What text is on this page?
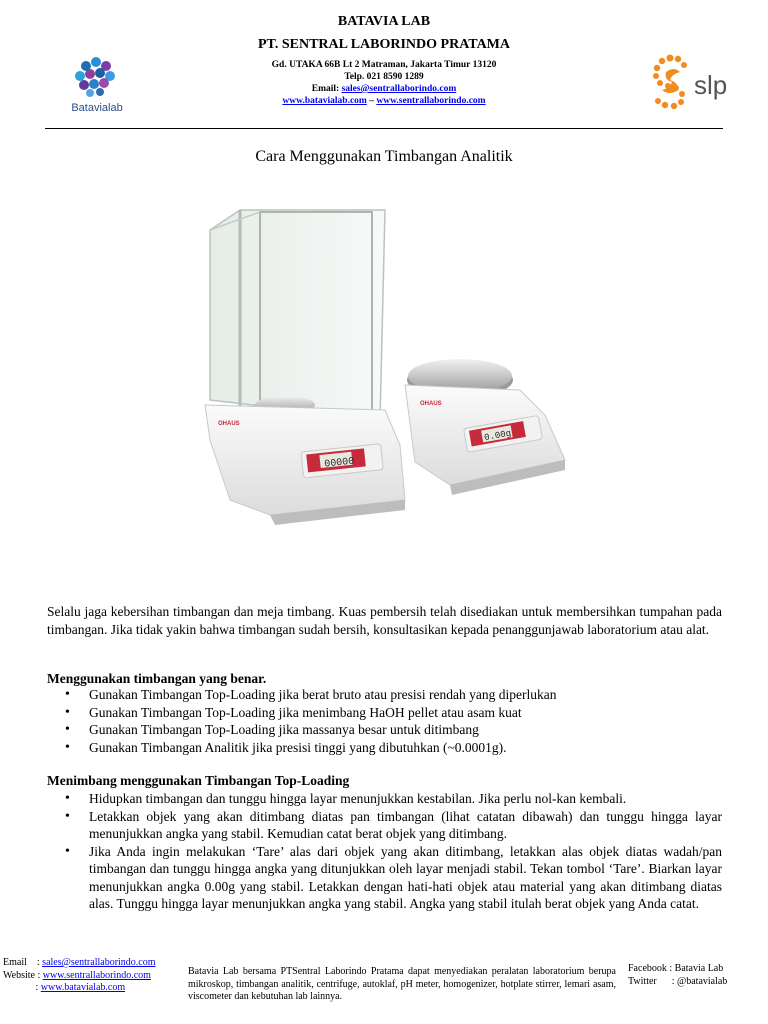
Batavialab
BATAVIA LAB
PT. SENTRAL LABORINDO PRATAMA
Gd. UTAKA 66B Lt 2 Matraman, Jakarta Timur 13120
Telp. 021 8590 1289
Email: sales@sentrallaborindo.com
www.batavialab.com – www.sentrallaborindo.com
slp
Cara Menggunakan Timbangan Analitik
00000
OHAUS
0.00g
OHAUS
Selalu jaga kebersihan timbangan dan meja timbang. Kuas pembersih telah disediakan untuk membersihkan tumpahan pada timbangan. Jika tidak yakin bahwa timbangan sudah bersih, konsultasikan kepada penanggunjawab laboratorium atau alat.
Menggunakan timbangan yang benar.
• Gunakan Timbangan Top-Loading jika berat bruto atau presisi rendah yang diperlukan
• Gunakan Timbangan Top-Loading jika menimbang HaOH pellet atau asam kuat
• Gunakan Timbangan Top-Loading jika massanya besar untuk ditimbang
• Gunakan Timbangan Analitik jika presisi tinggi yang dibutuhkan (~0.0001g).
Menimbang menggunakan Timbangan Top-Loading
• Hidupkan timbangan dan tunggu hingga layar menunjukkan kestabilan. Jika perlu nol-kan kembali.
• Letakkan objek yang akan ditimbang diatas pan timbangan (lihat catatan dibawah) dan tunggu hingga layar menunjukkan angka yang stabil. Kemudian catat berat objek yang ditimbang.
• Jika Anda ingin melakukan ‘Tare’ alas dari objek yang akan ditimbang, letakkan alas objek diatas wadah/pan timbangan dan tunggu hingga angka yang ditunjukkan oleh layar menjadi stabil. Tekan tombol ‘Tare’. Biarkan layar menunjukkan angka 0.00g yang stabil. Letakkan dengan hati-hati objek atau material yang akan ditimbang diatas alas. Tunggu hingga layar menunjukkan angka yang stabil. Angka yang stabil itulah berat objek yang Anda catat.
Email    : sales@sentrallaborindo.com
Website : www.sentrallaborindo.com
: www.batavialab.com
Batavia Lab bersama PTSentral Laborindo Pratama dapat menyediakan peralatan laboratorium berupa mikroskop, timbangan analitik, centrifuge, autoklaf, pH meter, homogenizer, hotplate stirrer, lemari asam, viscometer dan kebutuhan lab lainnya.
Facebook : Batavia Lab
Twitter      : @batavialab
